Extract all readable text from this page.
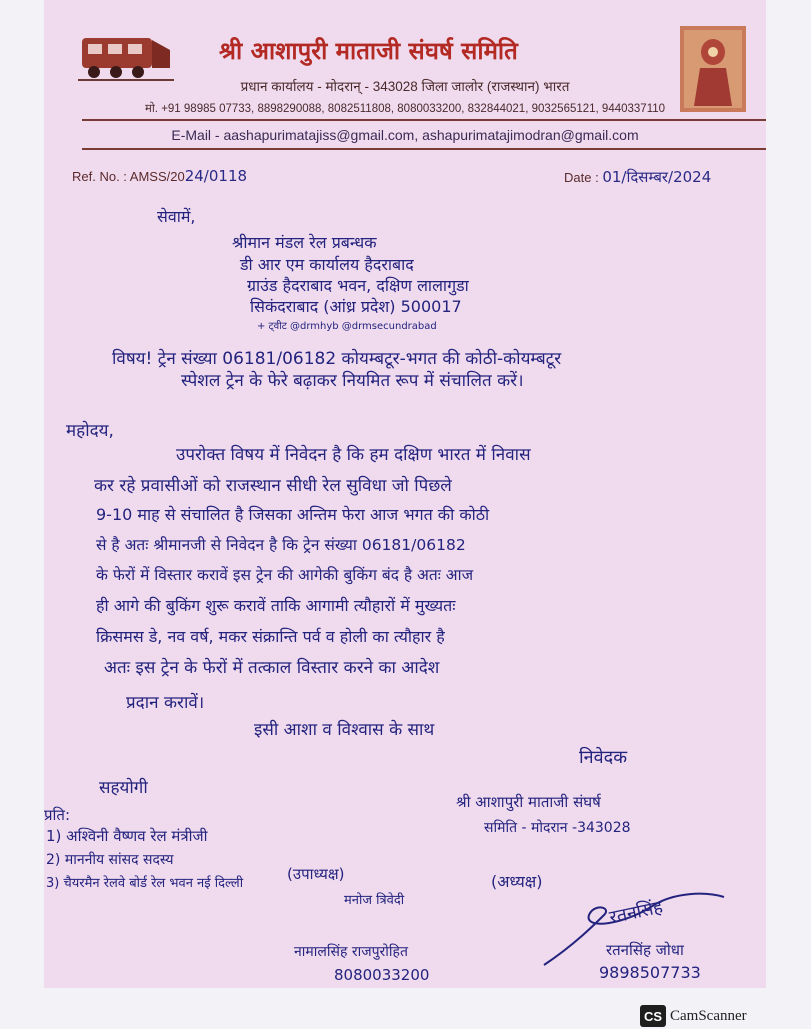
श्री आशापुरी माताजी संघर्ष समिति
प्रधान कार्यालय - मोदरान् - 343028 जिला जालोर (राजस्थान) भारत
मो. +91 98985 07733, 8898290088, 8082511808, 8080033200, 832844021, 9032565121, 9440337110
E-Mail - aashapurimatajiss@gmail.com, ashapurimatajimodran@gmail.com
Ref. No. : AMSS/2024/0118	Date : 01/दिसम्बर/2024
सेवामें,
श्रीमान मंडल रेल प्रबन्धक
डी आर एम कार्यालय हैदराबाद
ग्राउंड हैदराबाद भवन, दक्षिण लालागुडा
सिकंदराबाद (आंध्र प्रदेश) 500017
+ ट्वीट @drmhyb @drmsecundrabad
विषय! ट्रेन संख्या 06181/06182 कोयम्बटूर-भगत की कोठी-कोयम्बटूर
स्पेशल ट्रेन के फेरे बढ़ाकर नियमित रूप में संचालित करें।
महोदय,
उपरोक्त विषय में निवेदन है कि हम दक्षिण भारत में निवास
कर रहे प्रवासीओं को राजस्थान सीधी रेल सुविधा जो पिछले
9-10 माह से संचालित है जिसका अन्तिम फेरा आज भगत की कोठी
से है अतः श्रीमानजी से निवेदन है कि ट्रेन संख्या 06181/06182
के फेरों में विस्तार करावें इस ट्रेन की आगेकी बुकिंग बंद है अतः आज
ही आगे की बुकिंग शुरू करावें ताकि आगामी त्यौहारों में मुख्यतः
क्रिसमस डे, नव वर्ष, मकर संक्रान्ति पर्व व होली का त्यौहार है
अतः इस ट्रेन के फेरों में तत्काल विस्तार करने का आदेश
प्रदान करावें।
इसी आशा व विश्वास के साथ
निवेदक
सहयोगी
प्रति:
1) अश्विनी वैष्णव रेल मंत्रीजी
2) माननीय सांसद सदस्य
3) चैयरमैन रेलवे बोर्ड रेल भवन नई दिल्ली
श्री आशापुरी माताजी संघर्ष
समिति - मोदरान -343028
(उपाध्यक्ष)	(अध्यक्ष)
मनोज त्रिवेदी	रतनसिंह
नामालसिंह राजपुरोहित
8080033200
रतनसिंह जोधा
9898507733
CS CamScanner
